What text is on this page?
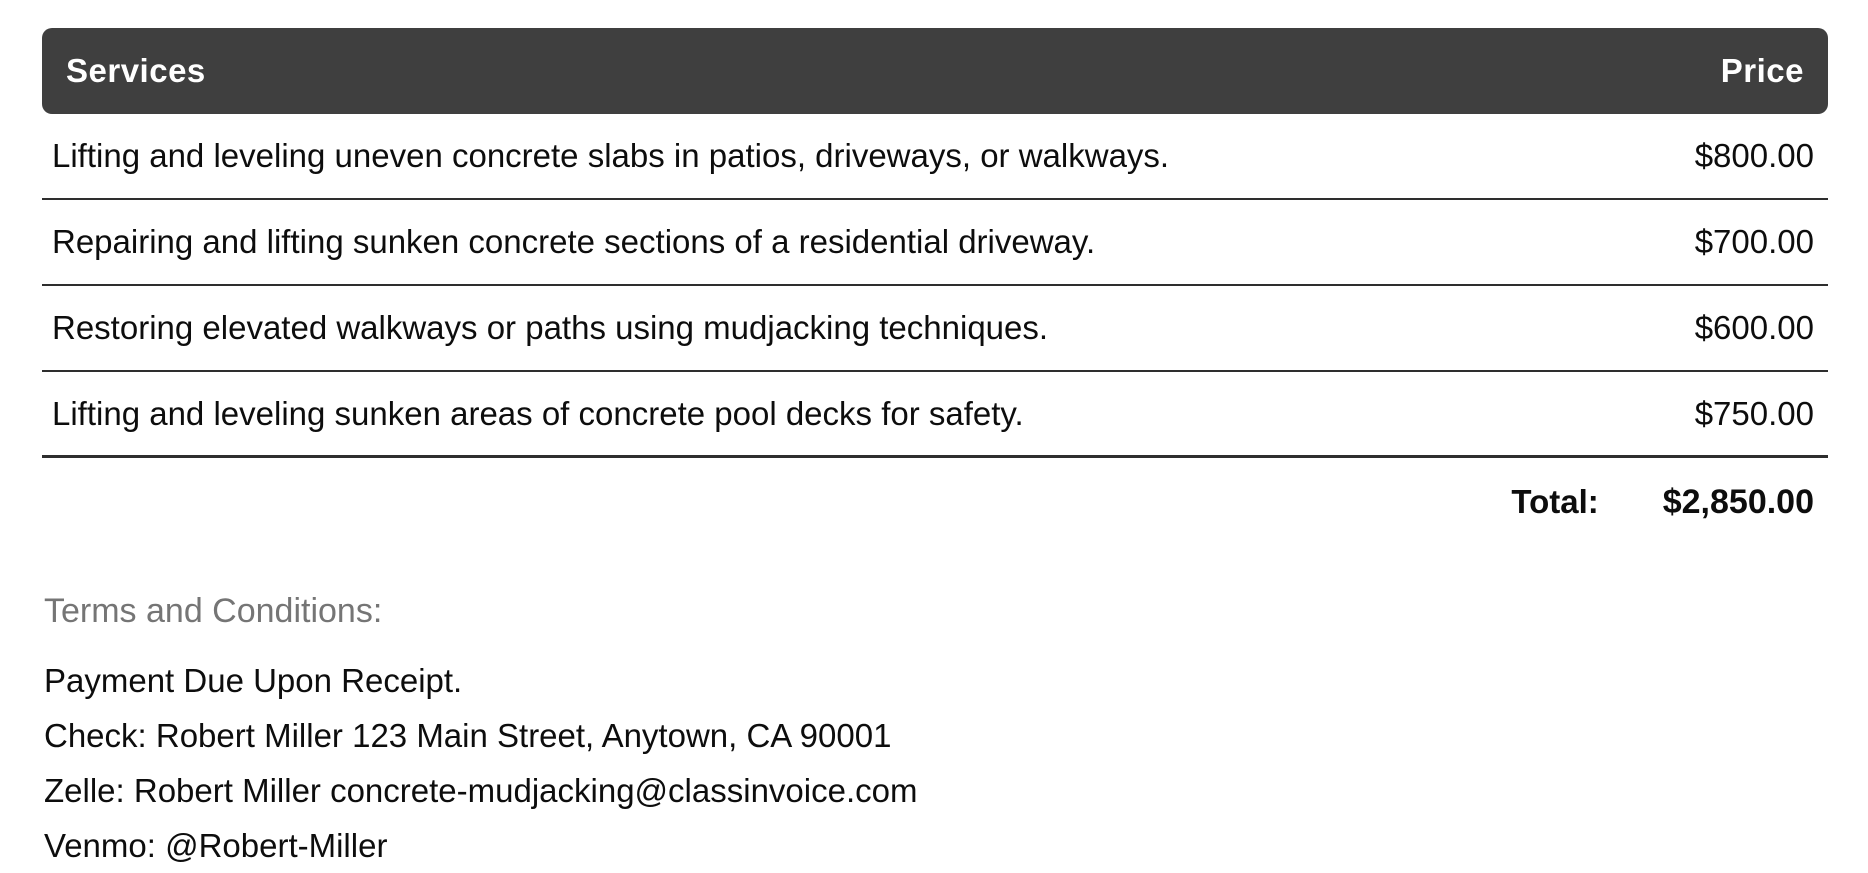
Services	Price
Lifting and leveling uneven concrete slabs in patios, driveways, or walkways.	$800.00
Repairing and lifting sunken concrete sections of a residential driveway.	$700.00
Restoring elevated walkways or paths using mudjacking techniques.	$600.00
Lifting and leveling sunken areas of concrete pool decks for safety.	$750.00
Total: $2,850.00
Terms and Conditions:
Payment Due Upon Receipt.
Check: Robert Miller 123 Main Street, Anytown, CA 90001
Zelle: Robert Miller concrete-mudjacking@classinvoice.com
Venmo: @Robert-Miller
